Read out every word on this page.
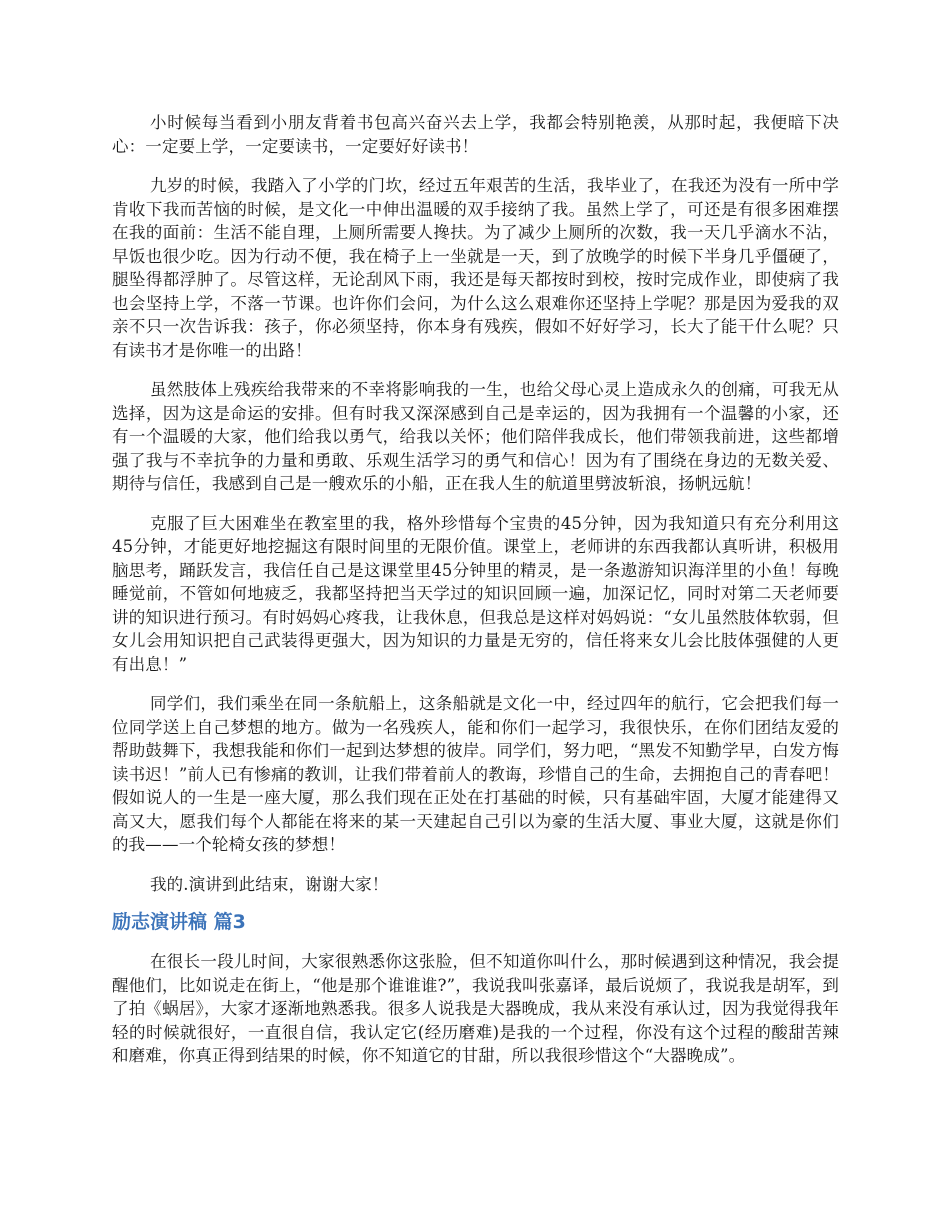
小时候每当看到小朋友背着书包高兴奋兴去上学，我都会特别艳羡，从那时起，我便暗下决心：一定要上学，一定要读书，一定要好好读书！

九岁的时候，我踏入了小学的门坎，经过五年艰苦的生活，我毕业了，在我还为没有一所中学肯收下我而苦恼的时候，是文化一中伸出温暖的双手接纳了我。虽然上学了，可还是有很多困难摆在我的面前：生活不能自理，上厕所需要人搀扶。为了减少上厕所的次数，我一天几乎滴水不沾，早饭也很少吃。因为行动不便，我在椅子上一坐就是一天，到了放晚学的时候下半身几乎僵硬了，腿坠得都浮肿了。尽管这样，无论刮风下雨，我还是每天都按时到校，按时完成作业，即使病了我也会坚持上学，不落一节课。也许你们会问，为什么这么艰难你还坚持上学呢？那是因为爱我的双亲不只一次告诉我：孩子，你必须坚持，你本身有残疾，假如不好好学习，长大了能干什么呢？只有读书才是你唯一的出路！

虽然肢体上残疾给我带来的不幸将影响我的一生，也给父母心灵上造成永久的创痛，可我无从选择，因为这是命运的安排。但有时我又深深感到自己是幸运的，因为我拥有一个温馨的小家，还有一个温暖的大家，他们给我以勇气，给我以关怀；他们陪伴我成长，他们带领我前进，这些都增强了我与不幸抗争的力量和勇敢、乐观生活学习的勇气和信心！因为有了围绕在身边的无数关爱、期待与信任，我感到自己是一艘欢乐的小船，正在我人生的航道里劈波斩浪，扬帆远航！

克服了巨大困难坐在教室里的我，格外珍惜每个宝贵的45分钟，因为我知道只有充分利用这45分钟，才能更好地挖掘这有限时间里的无限价值。课堂上，老师讲的东西我都认真听讲，积极用脑思考，踊跃发言，我信任自己是这课堂里45分钟里的精灵，是一条遨游知识海洋里的小鱼！每晚睡觉前，不管如何地疲乏，我都坚持把当天学过的知识回顾一遍，加深记忆，同时对第二天老师要讲的知识进行预习。有时妈妈心疼我，让我休息，但我总是这样对妈妈说：“女儿虽然肢体软弱，但女儿会用知识把自己武装得更强大，因为知识的力量是无穷的，信任将来女儿会比肢体强健的人更有出息！”

同学们，我们乘坐在同一条航船上，这条船就是文化一中，经过四年的航行，它会把我们每一位同学送上自己梦想的地方。做为一名残疾人，能和你们一起学习，我很快乐，在你们团结友爱的帮助鼓舞下，我想我能和你们一起到达梦想的彼岸。同学们，努力吧，“黑发不知勤学早，白发方悔读书迟！”前人已有惨痛的教训，让我们带着前人的教诲，珍惜自己的生命，去拥抱自己的青春吧！假如说人的一生是一座大厦，那么我们现在正处在打基础的时候，只有基础牢固，大厦才能建得又高又大，愿我们每个人都能在将来的某一天建起自己引以为豪的生活大厦、事业大厦，这就是你们的我——一个轮椅女孩的梦想！

我的.演讲到此结束，谢谢大家！

励志演讲稿 篇3

在很长一段儿时间，大家很熟悉你这张脸，但不知道你叫什么，那时候遇到这种情况，我会提醒他们，比如说走在街上，“他是那个谁谁谁?”，我说我叫张嘉译，最后说烦了，我说我是胡军，到了拍《蜗居》，大家才逐渐地熟悉我。很多人说我是大器晚成，我从来没有承认过，因为我觉得我年轻的时候就很好，一直很自信，我认定它(经历磨难)是我的一个过程，你没有这个过程的酸甜苦辣和磨难，你真正得到结果的时候，你不知道它的甘甜，所以我很珍惜这个“大器晚成”。
